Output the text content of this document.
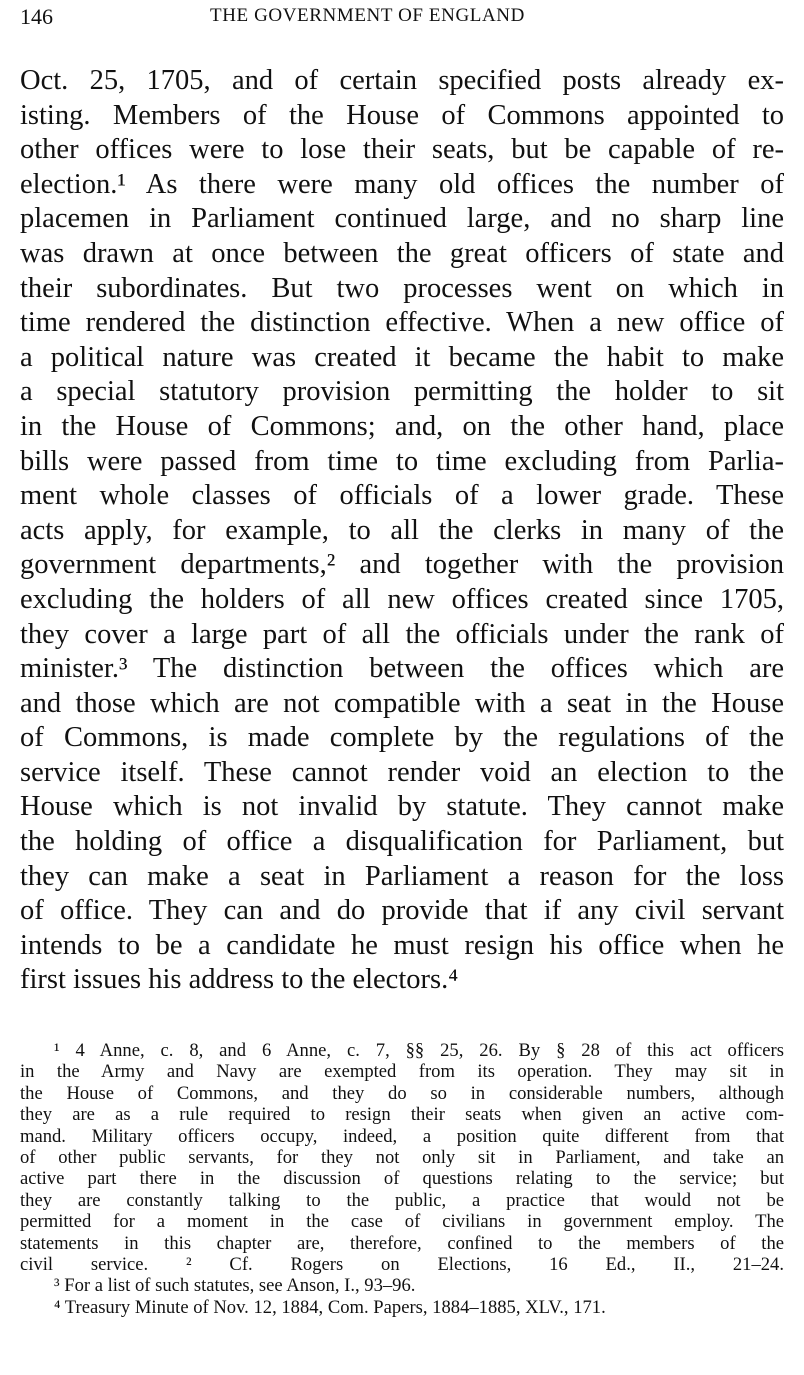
146	THE GOVERNMENT OF ENGLAND
Oct. 25, 1705, and of certain specified posts already ex-
isting. Members of the House of Commons appointed to
other offices were to lose their seats, but be capable of re-
election.¹ As there were many old offices the number of
placemen in Parliament continued large, and no sharp line
was drawn at once between the great officers of state and
their subordinates. But two processes went on which in
time rendered the distinction effective. When a new office of
a political nature was created it became the habit to make
a special statutory provision permitting the holder to sit
in the House of Commons; and, on the other hand, place
bills were passed from time to time excluding from Parlia-
ment whole classes of officials of a lower grade. These
acts apply, for example, to all the clerks in many of the
government departments,² and together with the provision
excluding the holders of all new offices created since 1705,
they cover a large part of all the officials under the rank of
minister.³ The distinction between the offices which are
and those which are not compatible with a seat in the House
of Commons, is made complete by the regulations of the
service itself. These cannot render void an election to the
House which is not invalid by statute. They cannot make
the holding of office a disqualification for Parliament, but
they can make a seat in Parliament a reason for the loss
of office. They can and do provide that if any civil servant
intends to be a candidate he must resign his office when he
first issues his address to the electors.⁴
¹ 4 Anne, c. 8, and 6 Anne, c. 7, §§ 25, 26. By § 28 of this act officers
in the Army and Navy are exempted from its operation. They may sit in
the House of Commons, and they do so in considerable numbers, although
they are as a rule required to resign their seats when given an active com-
mand. Military officers occupy, indeed, a position quite different from that
of other public servants, for they not only sit in Parliament, and take an
active part there in the discussion of questions relating to the service; but
they are constantly talking to the public, a practice that would not be
permitted for a moment in the case of civilians in government employ. The
statements in this chapter are, therefore, confined to the members of the
civil service. ² Cf. Rogers on Elections, 16 Ed., II., 21–24.
³ For a list of such statutes, see Anson, I., 93–96.
⁴ Treasury Minute of Nov. 12, 1884, Com. Papers, 1884–1885, XLV., 171.
